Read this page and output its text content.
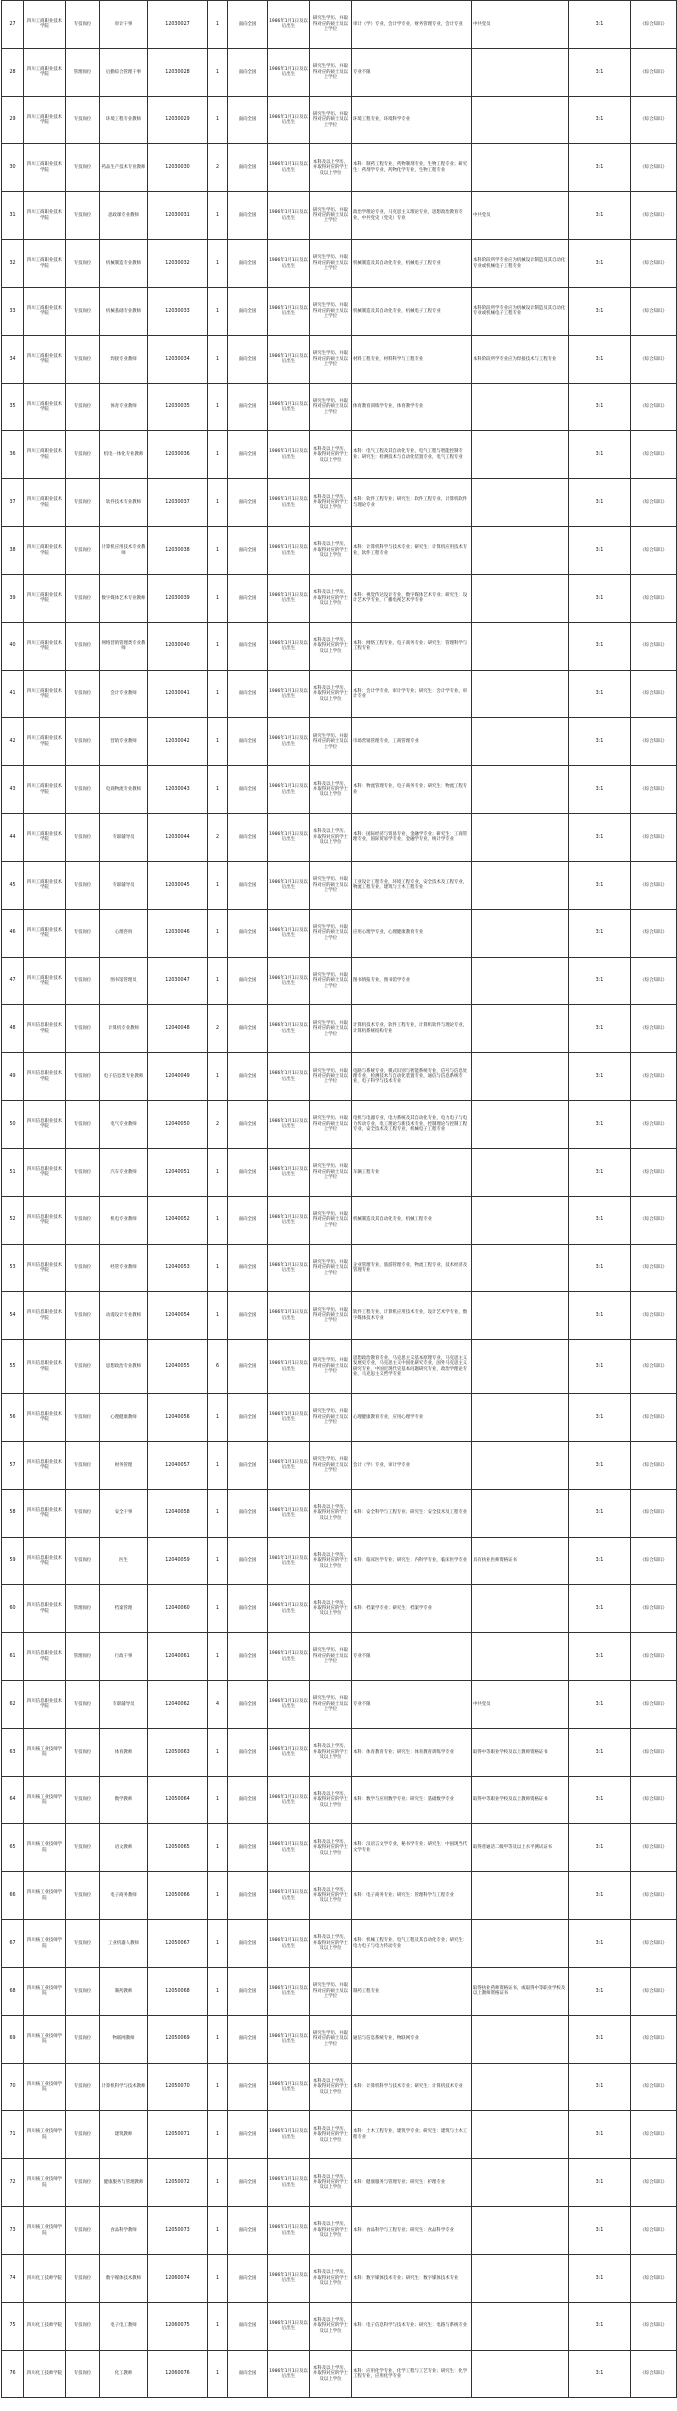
27	四川工商职业技术学院	专技岗位	审计干事	12030027	1	面向全国	1986年1月1日及以后出生	研究生学历、并取得对应的硕士及以上学位	审计（学）专业，会计学专业，财务管理专业，会计专业	中共党员	3:1	《综合知识》
28	四川工商职业技术学院	管理岗位	后勤综合管理干事	12030028	1	面向全国	1986年1月1日及以后出生	研究生学历、并取得对应的硕士及以上学位	专业不限		3:1	《综合知识》
29	四川工商职业技术学院	专技岗位	环境工程专业教师	12030029	1	面向全国	1986年1月1日及以后出生	研究生学历、并取得对应的硕士及以上学位	环境工程专业，环境科学专业		3:1	《综合知识》
30	四川工商职业技术学院	专技岗位	药品生产技术专业教师	12030030	2	面向全国	1986年1月1日及以后出生	本科及以上学历、并取得对应的学士及以上学位	本科：制药工程专业，药物制剂专业，生物工程专业；研究生：药剂学专业，药物化学专业，生物工程专业		3:1	《综合知识》
31	四川工商职业技术学院	专技岗位	思政课专业教师	12030031	1	面向全国	1986年1月1日及以后出生	研究生学历、并取得对应的硕士及以上学位	政治学理论专业，马克思主义理论专业，思想政治教育专业，中共党史（党史）专业	中共党员	3:1	《综合知识》
32	四川工商职业技术学院	专技岗位	机械制造专业教师	12030032	1	面向全国	1986年1月1日及以后出生	研究生学历、并取得对应的硕士及以上学位	机械制造及其自动化专业，机械电子工程专业	本科阶段所学专业应为机械设计制造及其自动化专业或机械电子工程专业	3:1	《综合知识》
33	四川工商职业技术学院	专技岗位	机械基础专业教师	12030033	1	面向全国	1986年1月1日及以后出生	研究生学历、并取得对应的硕士及以上学位	机械制造及其自动化专业，机械电子工程专业	本科阶段所学专业应为机械设计制造及其自动化专业或机械电子工程专业	3:1	《综合知识》
34	四川工商职业技术学院	专技岗位	焊接专业教师	12030034	1	面向全国	1986年1月1日及以后出生	研究生学历、并取得对应的硕士及以上学位	材料工程专业，材料科学与工程专业	本科阶段所学专业应为焊接技术与工程专业	3:1	《综合知识》
35	四川工商职业技术学院	专技岗位	体育专业教师	12030035	1	面向全国	1986年1月1日及以后出生	研究生学历、并取得对应的硕士及以上学位	体育教育训练学专业，体育教学专业		3:1	《综合知识》
36	四川工商职业技术学院	专技岗位	机电一体化专业教师	12030036	1	面向全国	1986年1月1日及以后出生	本科及以上学历、并取得对应的学士及以上学位	本科：电气工程及其自动化专业，电气工程与智能控制专业；研究生：检测技术与自动化装置专业，电气工程专业		3:1	《综合知识》
37	四川工商职业技术学院	专技岗位	软件技术专业教师	12030037	1	面向全国	1986年1月1日及以后出生	本科及以上学历、并取得对应的学士及以上学位	本科：软件工程专业；研究生：软件工程专业，计算机软件与理论专业		3:1	《综合知识》
38	四川工商职业技术学院	专技岗位	计算机应用技术专业教师	12030038	1	面向全国	1986年1月1日及以后出生	本科及以上学历、并取得对应的学士及以上学位	本科：计算机科学与技术专业；研究生：计算机应用技术专业，软件工程专业		3:1	《综合知识》
39	四川工商职业技术学院	专技岗位	数字媒体艺术专业教师	12030039	1	面向全国	1986年1月1日及以后出生	本科及以上学历、并取得对应的学士及以上学位	本科：视觉传达设计专业，数字媒体艺术专业；研究生：设计艺术学专业，广播电视艺术学专业		3:1	《综合知识》
40	四川工商职业技术学院	专技岗位	网络营销管理类专业教师	12030040	1	面向全国	1986年1月1日及以后出生	本科及以上学历、并取得对应的学士及以上学位	本科：网络工程专业，电子商务专业；研究生：管理科学与工程专业		3:1	《综合知识》
41	四川工商职业技术学院	专技岗位	会计专业教师	12030041	1	面向全国	1986年1月1日及以后出生	本科及以上学历、并取得对应的学士及以上学位	本科：会计学专业，审计学专业；研究生：会计学专业，审计专业		3:1	《综合知识》
42	四川工商职业技术学院	专技岗位	营销专业教师	12030042	1	面向全国	1986年1月1日及以后出生	研究生学历、并取得对应的硕士及以上学位	市场营销管理专业，工商管理专业		3:1	《综合知识》
43	四川工商职业技术学院	专技岗位	电商物流专业教师	12030043	1	面向全国	1986年1月1日及以后出生	本科及以上学历、并取得对应的学士及以上学位	本科：物流管理专业，电子商务专业；研究生：物流工程专业		3:1	《综合知识》
44	四川工商职业技术学院	专技岗位	专职辅导员	12030044	2	面向全国	1986年1月1日及以后出生	本科及以上学历、并取得对应的学士及以上学位	本科：国际经济与贸易专业，金融学专业；研究生：工商管理专业，国际贸易学专业，金融学专业，统计学专业		3:1	《综合知识》
45	四川工商职业技术学院	专技岗位	专职辅导员	12030045	1	面向全国	1986年1月1日及以后出生	研究生学历、并取得对应的硕士及以上学位	工业设计工程专业，环境工程专业，安全技术及工程专业，物流工程专业，建筑与土木工程专业		3:1	《综合知识》
46	四川工商职业技术学院	专技岗位	心理咨询	12030046	1	面向全国	1986年1月1日及以后出生	研究生学历、并取得对应的硕士及以上学位	应用心理学专业，心理健康教育专业		3:1	《综合知识》
47	四川工商职业技术学院	专技岗位	图书馆管理员	12030047	1	面向全国	1986年1月1日及以后出生	研究生学历、并取得对应的硕士及以上学位	图书情报专业，图书馆学专业		3:1	《综合知识》
48	四川信息职业技术学院	专技岗位	计算机专业教师	12040048	2	面向全国	1986年1月1日及以后出生	研究生学历、并取得对应的硕士及以上学位	计算机技术专业，软件工程专业，计算机软件与理论专业，计算机系统结构专业		3:1	《综合知识》
49	四川信息职业技术学院	专技岗位	电子信息类专业教师	12040049	1	面向全国	1986年1月1日及以后出生	研究生学历、并取得对应的硕士及以上学位	电路与系统专业，模式识别与智能系统专业，信号与信息处理专业，检测技术与自动化装置专业，通信与信息系统专业，电子科学与技术专业		3:1	《综合知识》
50	四川信息职业技术学院	专技岗位	电气专业教师	12040050	2	面向全国	1986年1月1日及以后出生	研究生学历、并取得对应的硕士及以上学位	电机与电器专业，电力系统及其自动化专业，电力电子与电力传动专业，电工理论与新技术专业，控制理论与控制工程专业，安全技术及工程专业，机械电子工程专业		3:1	《综合知识》
51	四川信息职业技术学院	专技岗位	汽车专业教师	12040051	1	面向全国	1986年1月1日及以后出生	研究生学历、并取得对应的硕士及以上学位	车辆工程专业		3:1	《综合知识》
52	四川信息职业技术学院	专技岗位	机电专业教师	12040052	1	面向全国	1986年1月1日及以后出生	研究生学历、并取得对应的硕士及以上学位	机械制造及其自动化专业，机械工程专业		3:1	《综合知识》
53	四川信息职业技术学院	专技岗位	经管专业教师	12040053	1	面向全国	1986年1月1日及以后出生	研究生学历、并取得对应的硕士及以上学位	企业管理专业，旅游管理专业，物流工程专业，技术经济及管理专业		3:1	《综合知识》
54	四川信息职业技术学院	专技岗位	动漫设计专业教师	12040054	1	面向全国	1986年1月1日及以后出生	研究生学历、并取得对应的硕士及以上学位	软件工程专业，计算机应用技术专业，设计艺术学专业，数字媒体技术专业		3:1	《综合知识》
55	四川信息职业技术学院	专技岗位	思想政治专业教师	12040055	6	面向全国	1986年1月1日及以后出生	研究生学历、并取得对应的硕士及以上学位	思想政治教育专业，马克思主义基本原理专业，马克思主义发展史专业，马克思主义中国化研究专业，国外马克思主义研究专业，中国近现代史基本问题研究专业，政治学理论专业，马克思主义哲学专业		3:1	《综合知识》
56	四川信息职业技术学院	专技岗位	心理健康教师	12040056	1	面向全国	1986年1月1日及以后出生	研究生学历、并取得对应的硕士及以上学位	心理健康教育专业，应用心理学专业		3:1	《综合知识》
57	四川信息职业技术学院	专技岗位	财务管理	12040057	1	面向全国	1986年1月1日及以后出生	研究生学历、并取得对应的硕士及以上学位	会计（学）专业，审计学专业		3:1	《综合知识》
58	四川信息职业技术学院	专技岗位	安全干事	12040058	1	面向全国	1986年1月1日及以后出生	本科及以上学历、并取得对应的学士及以上学位	本科：安全科学与工程专业；研究生：安全技术及工程专业		3:1	《综合知识》
59	四川信息职业技术学院	专技岗位	医生	12040059	1	面向全国	1981年1月1日及以后出生	本科及以上学历、并取得对应的学士及以上学位	本科：临床医学专业；研究生：内科学专业，临床医学专业	具有执业医师资格证书	3:1	《综合知识》
60	四川信息职业技术学院	管理岗位	档案管理	12040060	1	面向全国	1986年1月1日及以后出生	本科及以上学历、并取得对应的学士及以上学位	本科：档案学专业；研究生：档案学专业		3:1	《综合知识》
61	四川信息职业技术学院	管理岗位	行政干事	12040061	1	面向全国	1986年1月1日及以后出生	研究生学历、并取得对应的硕士及以上学位	专业不限		3:1	《综合知识》
62	四川信息职业技术学院	专技岗位	专职辅导员	12040062	4	面向全国	1986年1月1日及以后出生	研究生学历、并取得对应的硕士及以上学位	专业不限	中共党员	3:1	《综合知识》
63	四川核工业技师学院	专技岗位	体育教师	12050063	1	面向全国	1986年1月1日及以后出生	本科及以上学历、并取得对应的学士及以上学位	本科：体育教育专业；研究生：体育教育训练学专业	取得中等职业学校及以上教师资格证书	3:1	《综合知识》
64	四川核工业技师学院	专技岗位	数学教师	12050064	1	面向全国	1986年1月1日及以后出生	本科及以上学历、并取得对应的学士及以上学位	本科：数学与应用数学专业；研究生：基础数学专业	取得中等职业学校及以上教师资格证书	3:1	《综合知识》
65	四川核工业技师学院	专技岗位	语文教师	12050065	1	面向全国	1986年1月1日及以后出生	本科及以上学历、并取得对应的学士及以上学位	本科：汉语言文学专业，秘书学专业；研究生：中国现当代文学专业	取得普通话二级甲等及以上水平测试证书	3:1	《综合知识》
66	四川核工业技师学院	专技岗位	电子商务教师	12050066	1	面向全国	1986年1月1日及以后出生	本科及以上学历、并取得对应的学士及以上学位	本科：电子商务专业；研究生：管理科学与工程专业		3:1	《综合知识》
67	四川核工业技师学院	专技岗位	工业机器人教师	12050067	1	面向全国	1986年1月1日及以后出生	本科及以上学历、并取得对应的学士及以上学位	本科：机械工程专业，电气工程及其自动化专业；研究生：电力电子与电力传动专业		3:1	《综合知识》
68	四川核工业技师学院	专技岗位	制药教师	12050068	1	面向全国	1986年1月1日及以后出生	研究生学历、并取得对应的硕士及以上学位	制药工程专业	取得执业药师资格证书，或取得中等职业学校及以上教师资格证书	3:1	《综合知识》
69	四川核工业技师学院	专技岗位	物联网教师	12050069	1	面向全国	1986年1月1日及以后出生	研究生学历、并取得对应的硕士及以上学位	通信与信息系统专业，物联网专业		3:1	《综合知识》
70	四川核工业技师学院	专技岗位	计算机科学与技术教师	12050070	1	面向全国	1986年1月1日及以后出生	本科及以上学历、并取得对应的学士及以上学位	本科：计算机科学与技术专业；研究生：计算机技术专业		3:1	《综合知识》
71	四川核工业技师学院	专技岗位	建筑教师	12050071	1	面向全国	1986年1月1日及以后出生	本科及以上学历、并取得对应的学士及以上学位	本科：土木工程专业，建筑学专业；研究生：建筑与土木工程专业		3:1	《综合知识》
72	四川核工业技师学院	专技岗位	健康服务与管理教师	12050072	1	面向全国	1986年1月1日及以后出生	本科及以上学历、并取得对应的学士及以上学位	本科：健康服务与管理专业；研究生：护理专业		3:1	《综合知识》
73	四川核工业技师学院	专技岗位	食品科学教师	12050073	1	面向全国	1986年1月1日及以后出生	本科及以上学历、并取得对应的学士及以上学位	本科：食品科学与工程专业；研究生：食品科学专业		3:1	《综合知识》
74	四川化工技师学院	专技岗位	数字媒体技术教师	12060074	1	面向全国	1986年1月1日及以后出生	本科及以上学历、并取得对应的学士及以上学位	本科：数字媒体技术专业；研究生：数字媒体技术专业		3:1	《综合知识》
75	四川化工技师学院	专技岗位	电子电工教师	12060075	1	面向全国	1986年1月1日及以后出生	本科及以上学历、并取得对应的学士及以上学位	本科：电子信息科学与技术专业；研究生：电路与系统专业		3:1	《综合知识》
76	四川化工技师学院	专技岗位	化工教师	12060076	1	面向全国	1986年1月1日及以后出生	本科及以上学历、并取得对应的学士及以上学位	本科：应用化学专业，化学工程与工艺专业；研究生：化学工程专业，应用化学专业		3:1	《综合知识》
